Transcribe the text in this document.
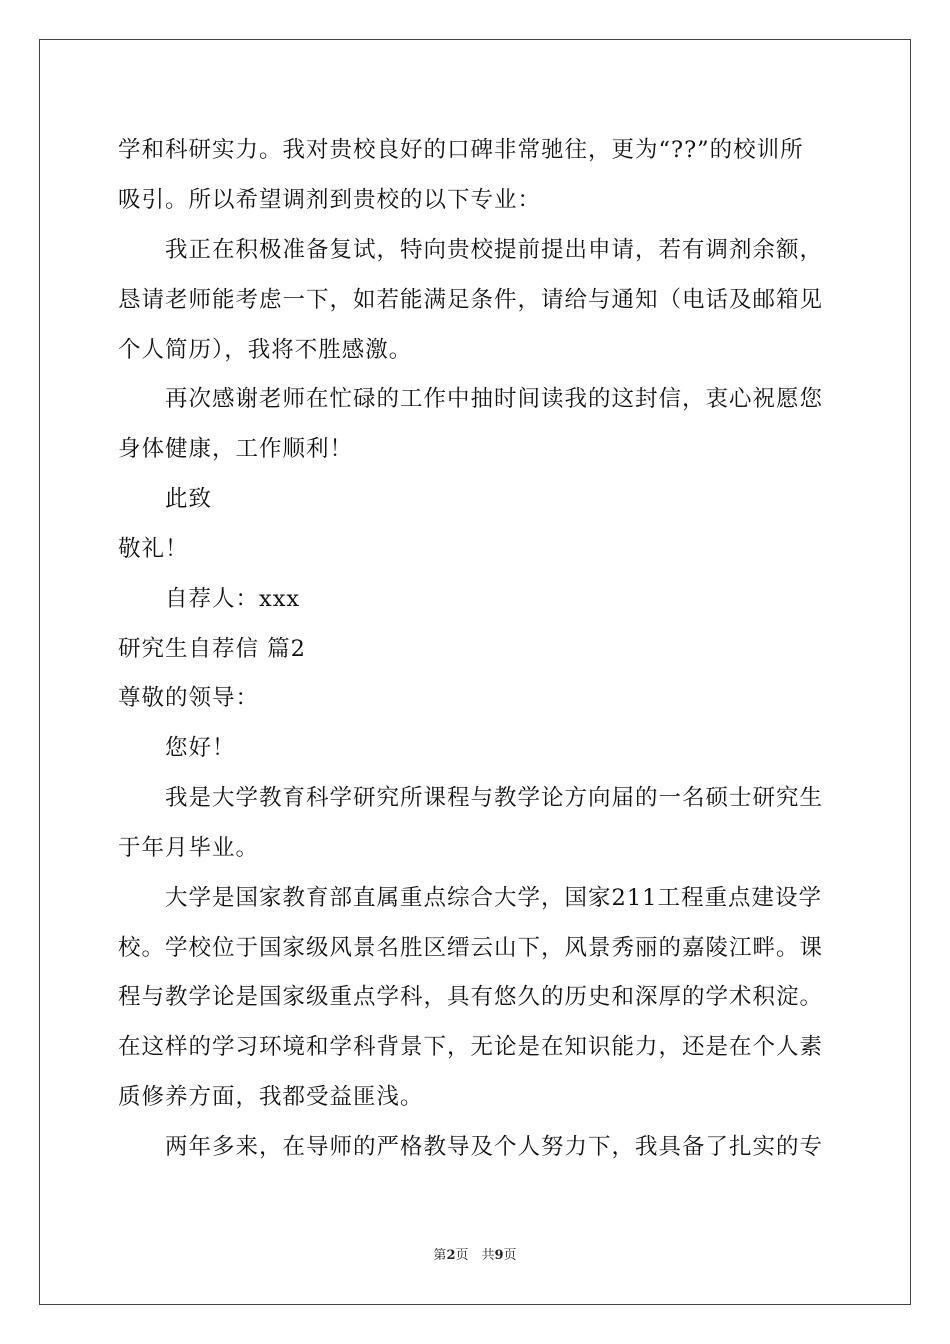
学和科研实力。我对贵校良好的口碑非常驰往，更为“??”的校训所
吸引。所以希望调剂到贵校的以下专业：
我正在积极准备复试，特向贵校提前提出申请，若有调剂余额，
恳请老师能考虑一下，如若能满足条件，请给与通知（电话及邮箱见
个人简历），我将不胜感激。
再次感谢老师在忙碌的工作中抽时间读我的这封信，衷心祝愿您
身体健康，工作顺利！
此致
敬礼！
自荐人：xxx
研究生自荐信 篇2
尊敬的领导：
您好！
我是大学教育科学研究所课程与教学论方向届的一名硕士研究生
于年月毕业。
大学是国家教育部直属重点综合大学，国家211工程重点建设学
校。学校位于国家级风景名胜区缙云山下，风景秀丽的嘉陵江畔。课
程与教学论是国家级重点学科，具有悠久的历史和深厚的学术积淀。
在这样的学习环境和学科背景下，无论是在知识能力，还是在个人素
质修养方面，我都受益匪浅。
两年多来，在导师的严格教导及个人努力下，我具备了扎实的专
第2页　共9页
